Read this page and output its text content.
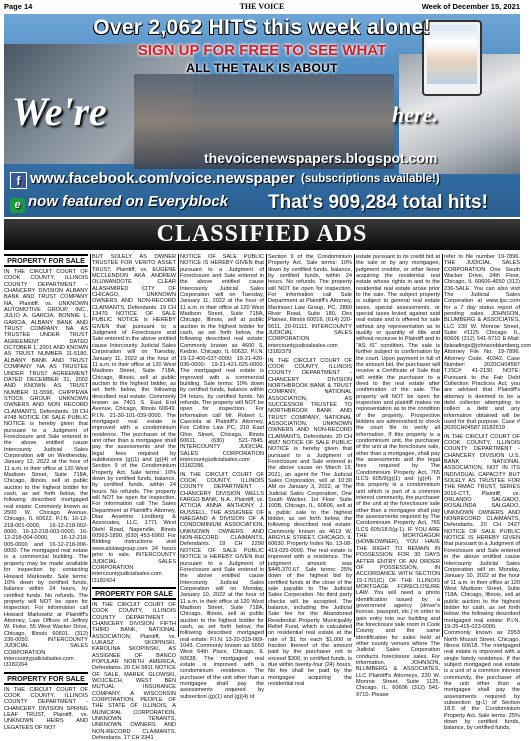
Page 14	THE VOICE	Week of December 15, 2021
Over 2,062 HITS this week alone!
SIGN UP FOR FREE TO SEE WHAT
ALL THE TALK IS ABOUT
We're	here.
thevoicenewspapers.blogspot.com
f www.facebook.com/voice.newspaper (subscriptions available!)
e now featured on Everyblock That's 909,284 total hits!
CLASSIFIED ADS
PROPERTY FOR SALE

IN THE CIRCUIT COURT OF COOK COUNTY, ILLINOIS COUNTY DEPARTMENT - CHANCERY DIVISION ALBANY BANK AND TRUST COMPANY NA, Plaintiff, vs. UNKNOWN AUTOMOTIVE GROUP, INC., JULIO A. GARCIA, BONNIE L. GARCIA, ALBANY BANK AND TRUST COMPANY NA AS TRUSTEE UNDER TRUST AGREEMENT DATED OCTOBER 1, 2001 AND KNOWN AS TRUST NUMBER 11-5180, ALBANY BANK AND TRUST COMPANY NA AS TRUSTEE UNDER TRUST AGREEMENT DATED DECEMBER 31, 2002 AND KNOWN AS TRUST NUMBER 11-5596, CHIPPEWA STOCK GROUP, UNKNOWN OWNERS AND NON RECORD CLAIMANTS, Defendants. 18 CH 4748 NOTICE OF SALE PUBLIC NOTICE is hereby given that pursuant to a Judgment of Foreclosure and Sale entered in the above entitled cause Intercounty Judicial Sales Corporation will on Wednesday, January 12, 2022 at the hour of 11 a.m. in their office at 120 West Madison Street, Suite 718A, Chicago, Illinois, sell at public auction to the highest bidder for cash, as set forth below, the following described mortgaged real estate: Commonly known as 2500 W. Chicago Avenue, Chicago, IL 60622. P.I.N. 16-12-218-001-0000, 16-12-218-002-0000, 16-12-218-003-0000, 16-12-218-004-0000, 16-12-218-005-0000 and 16-12-218-006-0000. The mortgaged real estate is a commercial building. The property may be made available for inspection by contacting Howard Markowitz. Sale terms: 10% down by certified funds, balance within 24 hours, by certified funds. No refunds. The property will NOT be open for inspection. For information call Howard Markowitz at Plaintiff's Attorney, Law Offices of Jeffrey W. Finke, 55 West Wacker Drive, Chicago, Illinois 60601. (312) 236-0050. INTERCOUNTY JUDICIAL SALES CORPORATION intercountyjudicialsales.com I3182264

PROPERTY FOR SALE

IN THE CIRCUIT COURT OF COOK COUNTY, ILLINOIS COUNTY DEPARTMENT - CHANCERY DIVISION SPRING LEAF TRUST, Plaintiff, vs. UNKNOWN HEIRS AND LEGATEES OF NOT

BUT SOLELY AS OWNER TRUSTEE FOR VERITO ASSET TRUST, Plaintiff, vs. EUGENE MCCLENDON AKA ANDREW OLUWANDOTE CLEAR ALASHMIRED CITY OF CHICAGO, UNKNOWN OWNERS AND NON-RECORD CLAIMANTS, Defendants. 19 CH 13470 NOTICE OF SALE PUBLIC NOTICE is HEREBY GIVEN that pursuant to a Judgment of Foreclosure and Sale entered in the above entitled cause Intercounty Judicial Sales Corporation will on Tuesday, January 11, 2022 at the hour of 11 a.m. in their office at 120 West Madison Street, Suite 718A, Chicago, Illinois, sell at public auction to the highest bidder, as set forth below, the following described real estate: Commonly known as 7401 S. East End Avenue, Chicago, Illinois 60649. P.I.N. 21-30-101-039-0000. The mortgaged real estate is improved with a condominium residence. The purchaser of the unit other than a mortgagee shall pay the assessments and the legal fees required by subdivisions (g)(1) and (g)(4) of Section 9 of the Condominium Property Act. Sale terms: 10% down by certified funds, balance, by certified funds, within 24 hours. No refunds. The property will NOT be open for inspection. For information call The Sales Department at Plaintiff's Attorney, Diaz Anselmo Lindberg & Associates, LLC, 1771 West Diehl Road, Naperville, Illinois 60563-1890. (630) 453-6960. For Bidding instructions visit www.alolawgroup.com 24 hours prior to sale. INTERCOUNTY JUDICIAL SALES CORPORATION intercountyjudicialsales.com I3182424

PROPERTY FOR SALE

IN THE CIRCUIT COURT OF COOK COUNTY, ILLINOIS COUNTY DEPARTMENT - CHANCERY DIVISION FIFTH THIRD BANK, NATIONAL ASSOCIATION, Plaintiff, vs. LUKASZ SKOPINSKI, KAROLINA SKOPINSKI, AS ASSIGNEE OF BANCO POPULAR NORTH AMERICA, Defendants. 20 CH 5811 NOTICE OF SALE, MAREK GLOWSKI, WOJCIECH, WEST BEN MUTUAL INSURANCE COMPANY, A WISCONSIN CORPORATION, PEOPLE OF THE STATE OF ILLINOIS, A MUNICIPAL CORPORATION, UNKNOWN TENANTS, UNKNOWN OWNERS AND NON-RECORD CLAIMANTS, Defendants. 17 CH 2341

NOTICE OF SALE PUBLIC NOTICE IS HEREBY GIVEN that pursuant to a Judgment of Foreclosure and Sale entered in the above entitled cause Intercounty Judicial Sales Corporation will on Tuesday, January 11, 2022 at the hour of 11 a.m. in their office at 120 West Madison Street, Suite 718A, Chicago, Illinois, sell at public auction to the highest bidder for cash, as set forth below, the following described real estate: Commonly known as 4600 S. Kedzie, Chicago, IL 60632. P.I.N. 19-12-400-037-0000; 19-21-420-036-0000; 19-21-421-025-0000. The mortgaged real estate is improved with a commercial building. Sale terms: 10% down by certified funds, balance within 24 hours, by certified funds. No refunds. The property will NOT be open for inspection. For information call Mr. Robert L. Casciola at Plaintiff's Attorney, Fox Collins Law PC, 210 East Ohio Street, Chicago, Illinois 60611. (630) 521-7845. INTERCOUNTY JUDICIAL SALES CORPORATION intercountyjudicialsales.com I3182286

IN THE CIRCUIT COURT OF COOK COUNTY, ILLINOIS COUNTY DEPARTMENT - CHANCERY DIVISION WELLS FARGO BANK, N.A., Plaintiff, vs. ATTICIA ANNA ANTHONY J. RUSSELL, THE ASSIGNEE OF NAEGAND A DIVISION OF A CONDOMINIUM ASSOCIATION, UNKNOWN OWNERS AND NON-RECORD CLAIMANTS, Defendants. 19 CH 2290 NOTICE OF SALE PUBLIC NOTICE is HEREBY GIVEN that pursuant to a Judgment of Foreclosure and Sale entered in the above entitled cause Intercounty Judicial Sales Corporation will on Monday, January 10, 2022 at the hour of 11 a.m. in their office at 120 West Madison Street, Suite 718A, Chicago, Illinois, sell at public auction to the highest bidder for cash, as set forth below, the following described mortgaged real estate: P.I.N. 13-20-319-069-1043. Commonly known as 5650 West 64th Place, Chicago, IL 60638. The mortgaged real estate is improved with a condominium residence. The purchaser of the unit other than a mortgagee shall pay the assessments required by subsection (g)(1) and (g)(4) of

Section 9 of the Condominium Property Act. Sale terms: 10% down by certified funds, balance, by certified funds, within 24 hours. No refunds. The property will NOT be open for inspection. For information call Sale Department at Plaintiff's Attorney, Marinosci Law Group, PC, 2860 River Road, Suite 180, Des Plaines, Illinois 60016. (614) 220-5611. 20-01111. INTERCOUNTY JUDICIAL SALES CORPORATION intercountyjudicialsales.com I3182379

IN THE CIRCUIT COURT OF COOK COUNTY, ILLINOIS COUNTY DEPARTMENT - CHANCERY DIVISION NORTHBROOK BANK & TRUST COMPANY, NATIONAL ASSOCIATION, AS SUCCESSOR TRUSTEE TO NORTHBROOK BANK AND TRUST COMPANY, NATIONAL ASSOCIATION, UNKNOWN OWNERS AND NON-RECORD CLAIMANTS, Defendants. 20 CH 4587 NOTICE OF SALE PUBLIC NOTICE is hereby given that pursuant to a Judgment of Foreclosure and Sale entered in the above cause on March 19, 2021, an agent for The Judicial Sales Corporation, will at 10:30 AM on January 3, 2022, at The Judicial Sales Corporation, One South Wacker, 1st Floor Suite 100B, Chicago, IL, 60606, sell at a public sale to the highest bidder, as set forth below, the following described real estate: Commonly known as 4613 W. ARGYLE STREET, CHICAGO, IL 60630. Property Index No. 13-08-419-025-0000. The real estate is improved with a residence. The judgment amount was $445,370.67. Sale terms: 25% down of the highest bid by certified funds at the close of the sale payable to The Judicial Sales Corporation. No third party checks will be accepted. The balance, including the Judicial Sale fee for the Abandoned Residential Property Municipality Relief Fund, which is calculated on residential real estate at the rate of $1 for each $1,000 or fraction thereof of the amount paid by the purchaser not to exceed $300, in certified funds, is due within twenty-four (24) hours. No fee shall be paid by the mortgagee acquiring the residential real

estate pursuant to its credit bid at the sale or by any mortgagee, judgment creditor, or other lienor acquiring the residential real estate whose rights in and to the residential real estate arose prior to the sale. The subject property is subject to general real estate taxes, special assessments, or special taxes levied against said real estate and is offered for sale without any representation as to quality or quantity of title and without recourse to Plaintiff and in "AS IS" condition. The sale is further subject to confirmation by the court. Upon payment in full of the amount bid, the purchaser will receive a Certificate of Sale that will entitle the purchaser to a deed to the real estate after confirmation of the sale. The property will NOT be open for inspection and plaintiff makes no representation as to the condition of the property. Prospective bidders are admonished to check the court file to verify all information. If this property is a condominium unit, the purchaser of the unit at the foreclosure sale, other than a mortgagee, shall pay the assessments and the legal fees required by The Condominium Property Act, 765 ILCS 605/9(g)(1) and (g)(4). If this property is a condominium unit which is part of a common interest community, the purchaser of the unit at the foreclosure sale other than a mortgagee shall pay the assessments required by The Condominium Property Act, 765 ILCS 605/18.5(g-1). IF YOU ARE THE MORTGAGOR (HOMEOWNER), YOU HAVE THE RIGHT TO REMAIN IN POSSESSION FOR 30 DAYS AFTER ENTRY OF AN ORDER OF POSSESSION, IN ACCORDANCE WITH SECTION 15-1701(C) OF THE ILLINOIS MORTGAGE FORECLOSURE LAW. You will need a photo identification issued by a government agency (driver's license, passport, etc.) in order to gain entry into our building and the foreclosure sale room in Cook County and the same identification for sales held at other county venues where The Judicial Sales Corporation conducts foreclosure sales. For information, JOHNSON, BLUMBERG & ASSOCIATES, LLC Plaintiff's Attorneys, 230 W. Monroe Street, Suite 1125, Chicago, IL, 60606 (312) 541-9710. Please

refer to file number 19-7896. THE JUDICIAL SALES CORPORATION One South Wacker Drive, 24th Floor, Chicago, IL 60606-4650 (312) 236-SALE. You can also visit The Judicial Sales Corporation at www.tjsc.com for a 7 day status report of pending sales. JOHNSON, BLUMBERG & ASSOCIATES, LLC 230 W. Monroe Street, Suite #1125 Chicago IL, 60606 (312) 541-9710 E-Mail: ilpleadings@johnsonblumberg.com Attorney File No. 19-7896. Attorney Code. 40342. Case Number: 2020CH04587 TJSC#: 41-2130. NOTE: Pursuant to the Fair Debt Collection Practices Act, you are advised that Plaintiff's attorney is deemed to be a debt collector attempting to collect a debt and any information obtained will be used for that purpose. Case # 2020CH04587 I3182519

IN THE CIRCUIT COURT OF COOK COUNTY, ILLINOIS COUNTY DEPARTMENT - CHANCERY DIVISION U.S. BANK NATIONAL ASSOCIATION, NOT IN ITS INDIVIDUAL CAPACITY BUT SOLELY AS TRUSTEE FOR THE RMAC TRUST, SERIES 2016-CTT, Plaintiff, vs. ORLANDO SALGADO, ROSALINDA SALGADO, UNKNOWN OWNERS AND NONRECORD CLAIMANTS, Defendants. 20 CH 2427 NOTICE OF SALE PUBLIC NOTICE IS HEREBY GIVEN that pursuant to a Judgment of Foreclosure and Sale entered in the above entitled cause Intercounty Judicial Sales Corporation will on Monday, January 10, 2022 at the hour of 11 a.m. in their office at 120 West Madison Street, Suite 718A, Chicago, Illinois, sell at public auction to the highest bidder for cash, as set forth below, the following described mortgaged real estate: P.I.N. 19-25-415-023-0000. Commonly known as 2953 North Mozart Street, Chicago, Illinois 60618. The mortgaged real estate is improved with a single family residence. If the subject mortgaged real estate is a unit of a common interest community, the purchaser of the unit other than a mortgagee shall pay the assessments required by subsection (g-1) of Section 18.5 of the Condominium Property Act. Sale terms: 25% down by certified funds, balance, by certified funds,
